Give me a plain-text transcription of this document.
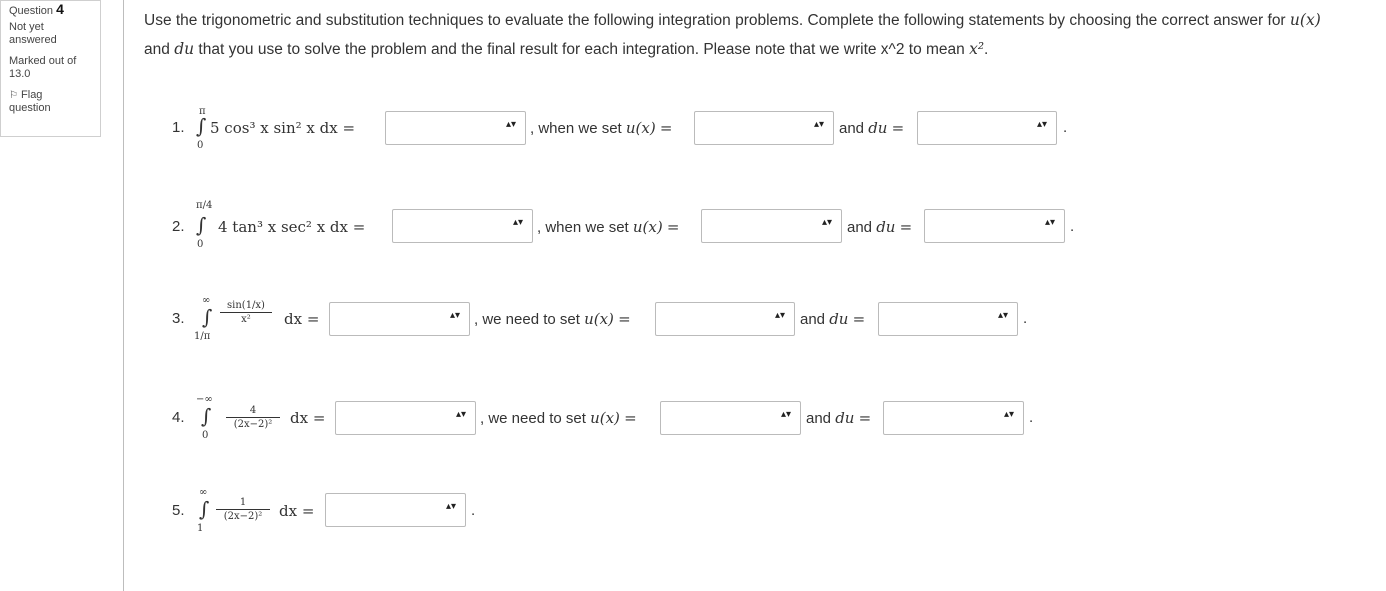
Question 4
Not yet answered
Marked out of 13.0
⚐ Flag question
Use the trigonometric and substitution techniques to evaluate the following integration problems. Complete the following statements by choosing the correct answer for u(x)
and du that you use to solve the problem and the final result for each integration. Please note that we write x^2 to mean x².
1.
π
∫
0
5 cos³ x sin² x dx =	▴▾ , when we set u(x) =	▴▾ and du =	▴▾ .
2.
π/4
∫
0
4 tan³ x sec² x dx =	▴▾ , when we set u(x) =	▴▾ and du =	▴▾ .
3.
∞
∫
1/π
sin(1/x)
x²	dx =	▴▾ , we need to set u(x) =	▴▾ and du =	▴▾ .
4.
−∞
∫
0
4
(2x−2)²	dx =	▴▾ , we need to set u(x) =	▴▾ and du =	▴▾ .
5.
∞
∫
1
1
(2x−2)²	dx =	▴▾ .
